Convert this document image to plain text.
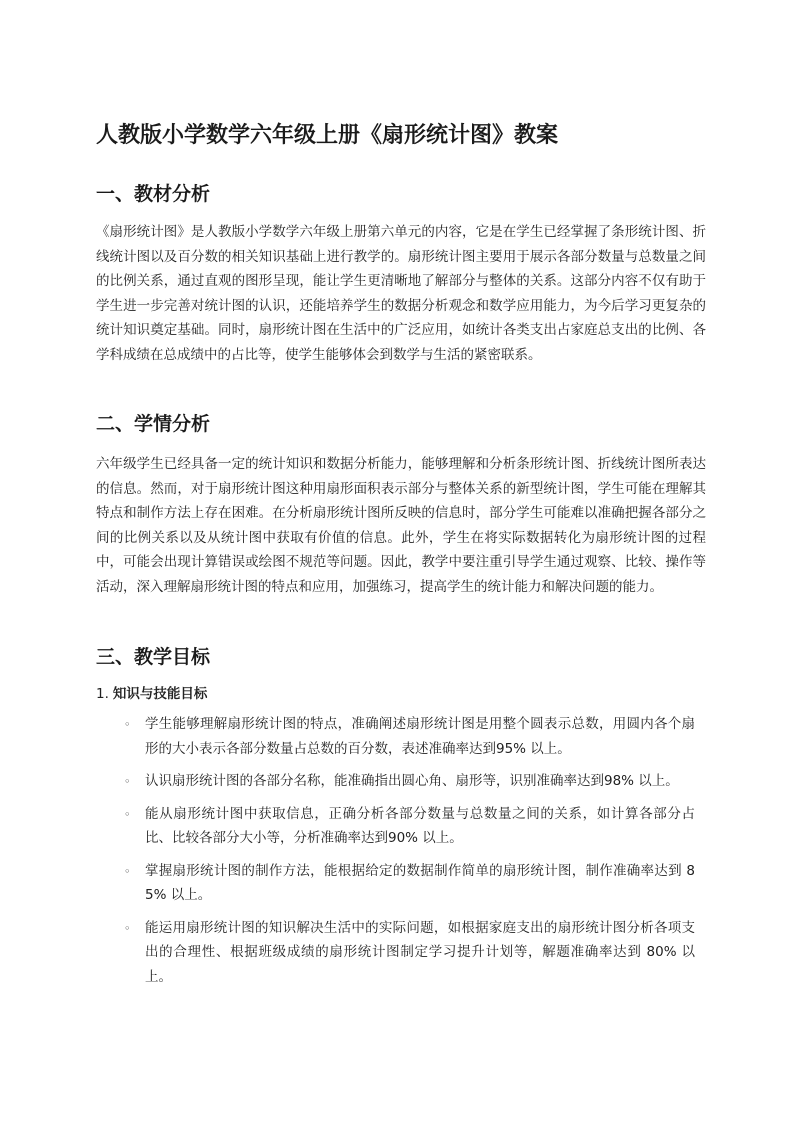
人教版小学数学六年级上册《扇形统计图》教案
一、教材分析

《扇形统计图》是人教版小学数学六年级上册第六单元的内容，它是在学生已经掌握了条形统计图、折线统计图以及百分数的相关知识基础上进行教学的。扇形统计图主要用于展示各部分数量与总数量之间的比例关系，通过直观的图形呈现，能让学生更清晰地了解部分与整体的关系。这部分内容不仅有助于学生进一步完善对统计图的认识，还能培养学生的数据分析观念和数学应用能力，为今后学习更复杂的统计知识奠定基础。同时，扇形统计图在生活中的广泛应用，如统计各类支出占家庭总支出的比例、各学科成绩在总成绩中的占比等，使学生能够体会到数学与生活的紧密联系。

二、学情分析

六年级学生已经具备一定的统计知识和数据分析能力，能够理解和分析条形统计图、折线统计图所表达的信息。然而，对于扇形统计图这种用扇形面积表示部分与整体关系的新型统计图，学生可能在理解其特点和制作方法上存在困难。在分析扇形统计图所反映的信息时，部分学生可能难以准确把握各部分之间的比例关系以及从统计图中获取有价值的信息。此外，学生在将实际数据转化为扇形统计图的过程中，可能会出现计算错误或绘图不规范等问题。因此，教学中要注重引导学生通过观察、比较、操作等活动，深入理解扇形统计图的特点和应用，加强练习，提高学生的统计能力和解决问题的能力。

三、教学目标
1. 知识与技能目标
◦ 学生能够理解扇形统计图的特点，准确阐述扇形统计图是用整个圆表示总数，用圆内各个扇形的大小表示各部分数量占总数的百分数，表述准确率达到95% 以上。
◦ 认识扇形统计图的各部分名称，能准确指出圆心角、扇形等，识别准确率达到98% 以上。
◦ 能从扇形统计图中获取信息，正确分析各部分数量与总数量之间的关系，如计算各部分占比、比较各部分大小等，分析准确率达到90% 以上。
◦ 掌握扇形统计图的制作方法，能根据给定的数据制作简单的扇形统计图，制作准确率达到 85% 以上。
◦ 能运用扇形统计图的知识解决生活中的实际问题，如根据家庭支出的扇形统计图分析各项支出的合理性、根据班级成绩的扇形统计图制定学习提升计划等，解题准确率达到 80% 以上。
